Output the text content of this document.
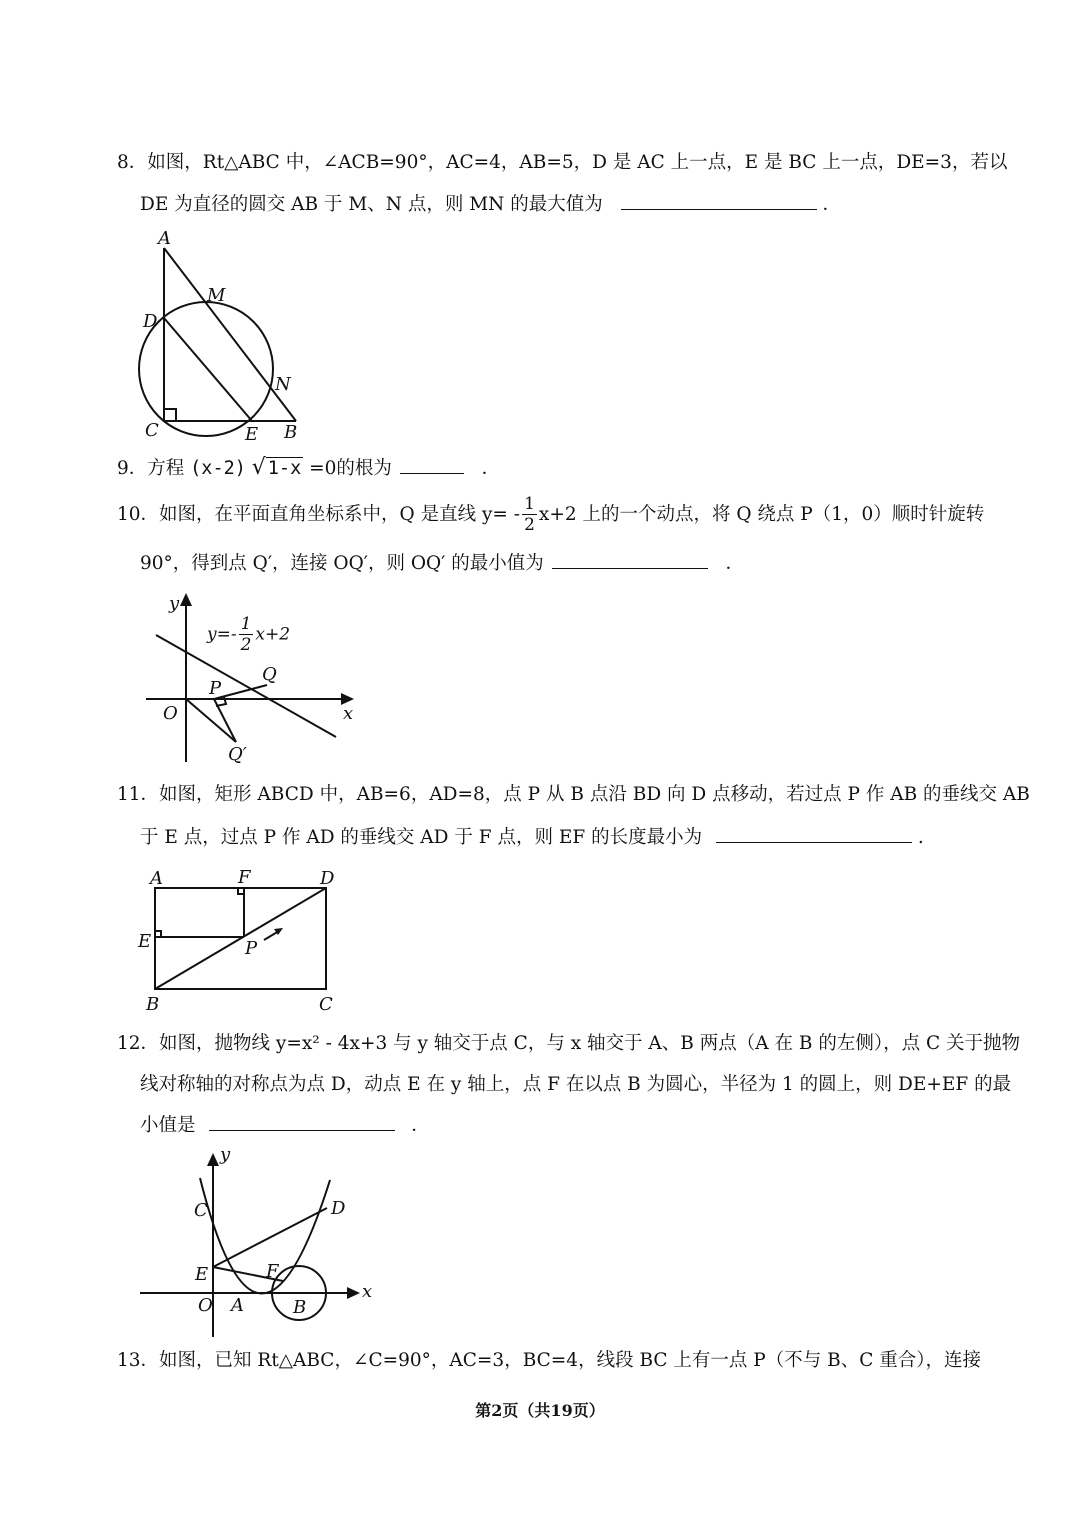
8．如图，Rt△ABC 中，∠ACB=90°，AC=4，AB=5，D 是 AC 上一点，E 是 BC 上一点，DE=3，若以
DE 为直径的圆交 AB 于 M、N 点，则 MN 的最大值为	．
A
M
D
N
C	E B
9．方程 (x-2) √ 1-x =0的根为	．
10．如图，在平面直角坐标系中，Q 是直线 $y= - \frac{1}{2} x+2$ 上的一个动点，将 Q 绕点 P（1，0）顺时针旋转
90°，得到点 Q′，连接 OQ′，则 OQ′ 的最小值为	．
$y=- \frac{1}{2} x+2$
y
x
O
P
Q
Q′
11．如图，矩形 ABCD 中，AB=6，AD=8，点 P 从 B 点沿 BD 向 D 点移动，若过点 P 作 AB 的垂线交 AB
于 E 点，过点 P 作 AD 的垂线交 AD 于 F 点，则 EF 的长度最小为	.
A	F	D
E	P
B	C
12．如图，抛物线 y=x² - 4x+3 与 y 轴交于点 C，与 x 轴交于 A、B 两点（A 在 B 的左侧），点 C 关于抛物
线对称轴的对称点为点 D，动点 E 在 y 轴上，点 F 在以点 B 为圆心，半径为 1 的圆上，则 DE+EF 的最
小值是	．
y
x
C	D
E	F
O A	B
13．如图，已知 Rt△ABC，∠C=90°，AC=3，BC=4，线段 BC 上有一点 P（不与 B、C 重合），连接
第2页（共19页）
